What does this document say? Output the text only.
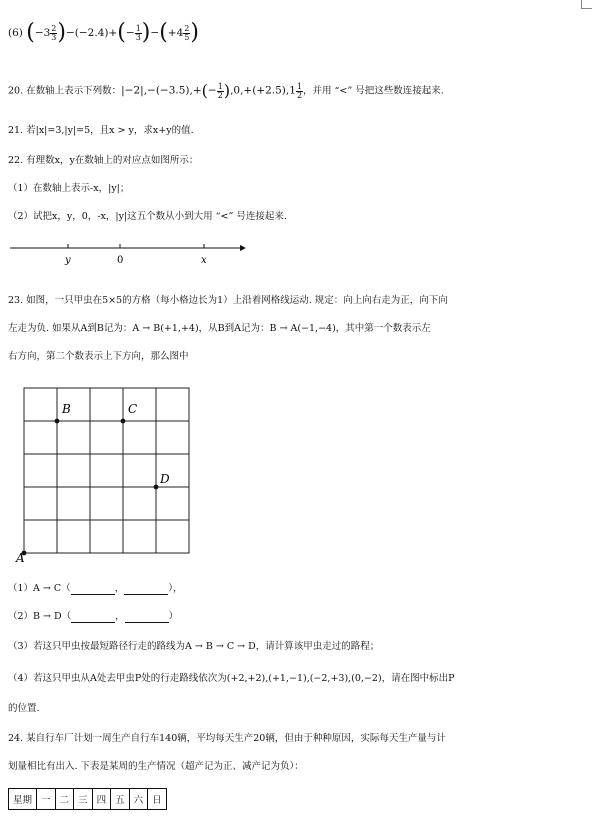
(6) $(-3 \frac{2}{3} )-(-2.4)+(- \frac{1}{3} )-(+4 \frac{2}{5}$ )
20. 在数轴上表示下列数：$|-2|,-(-3.5),+(- \frac{1}{2} ),0,+(+2.5),1 \frac{1}{2}$ ，并用 “<” 号把这些数连接起来.
21. 若|x|=3,|y|=5，且x > y，求x+y的值.
22. 有理数x，y在数轴上的对应点如图所示：
（1）在数轴上表示-x，|y|；
（2）试把x，y，0，-x，|y|这五个数从小到大用 “<” 号连接起来.
y	0	x
23. 如图，一只甲虫在5×5的方格（每小格边长为1）上沿着网格线运动. 规定：向上向右走为正，向下向
左走为负. 如果从A到B记为：A → B(+1,+4)，从B到A记为：B → A(−1,−4)，其中第一个数表示左
右方向，第二个数表示上下方向，那么图中
B	C
D
A
（1）A → C（	，	），
（2）B → D（	，	）
（3）若这只甲虫按最短路径行走的路线为A → B → C → D，请计算该甲虫走过的路程；
（4）若这只甲虫从A处去甲虫P处的行走路线依次为(+2,+2),(+1,−1),(−2,+3),(0,−2)，请在图中标出P
的位置.
24. 某自行车厂计划一周生产自行车140辆，平均每天生产20辆，但由于种种原因，实际每天生产量与计
划量相比有出入. 下表是某周的生产情况（超产记为正、减产记为负）：
星期	一	二	三	四	五	六	日
